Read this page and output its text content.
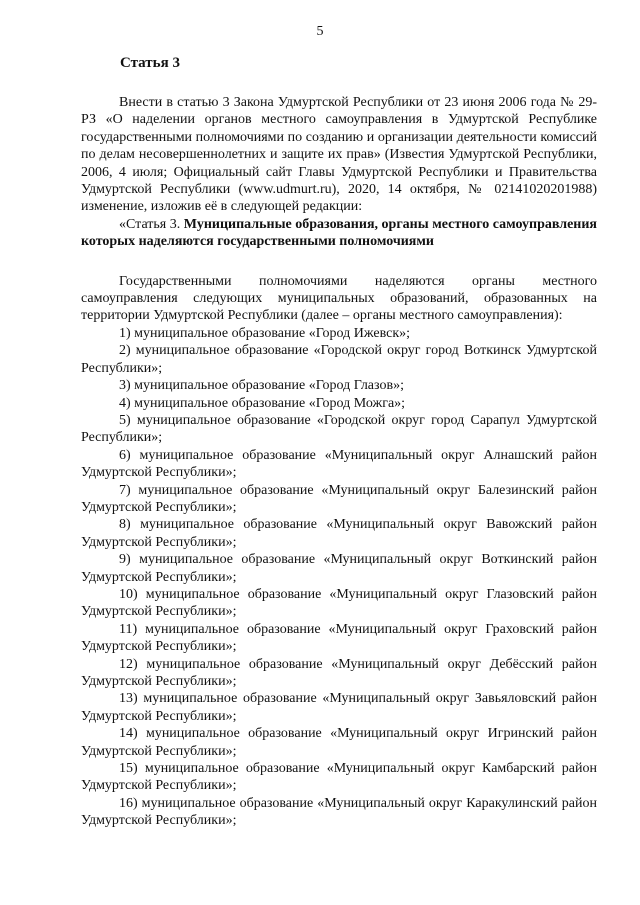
5
Статья 3

Внести в статью 3 Закона Удмуртской Республики от 23 июня 2006 года № 29-РЗ «О наделении органов местного самоуправления в Удмуртской Республике государственными полномочиями по созданию и организации деятельности комиссий по делам несовершеннолетних и защите их прав» (Известия Удмуртской Республики, 2006, 4 июля; Официальный сайт Главы Удмуртской Республики и Правительства Удмуртской Республики (www.udmurt.ru), 2020, 14 октября, № 02141020201988) изменение, изложив её в следующей редакции:

«Статья 3. Муниципальные образования, органы местного самоуправления которых наделяются государственными полномочиями

Государственными полномочиями наделяются органы местного самоуправления следующих муниципальных образований, образованных на территории Удмуртской Республики (далее – органы местного самоуправления):

1) муниципальное образование «Город Ижевск»;

2) муниципальное образование «Городской округ город Воткинск Удмуртской Республики»;

3) муниципальное образование «Город Глазов»;

4) муниципальное образование «Город Можга»;

5) муниципальное образование «Городской округ город Сарапул Удмуртской Республики»;

6) муниципальное образование «Муниципальный округ Алнашский район Удмуртской Республики»;

7) муниципальное образование «Муниципальный округ Балезинский район Удмуртской Республики»;

8) муниципальное образование «Муниципальный округ Вавожский район Удмуртской Республики»;

9) муниципальное образование «Муниципальный округ Воткинский район Удмуртской Республики»;

10) муниципальное образование «Муниципальный округ Глазовский район Удмуртской Республики»;

11) муниципальное образование «Муниципальный округ Граховский район Удмуртской Республики»;

12) муниципальное образование «Муниципальный округ Дебёсский район Удмуртской Республики»;

13) муниципальное образование «Муниципальный округ Завьяловский район Удмуртской Республики»;

14) муниципальное образование «Муниципальный округ Игринский район Удмуртской Республики»;

15) муниципальное образование «Муниципальный округ Камбарский район Удмуртской Республики»;

16) муниципальное образование «Муниципальный округ Каракулинский район Удмуртской Республики»;
